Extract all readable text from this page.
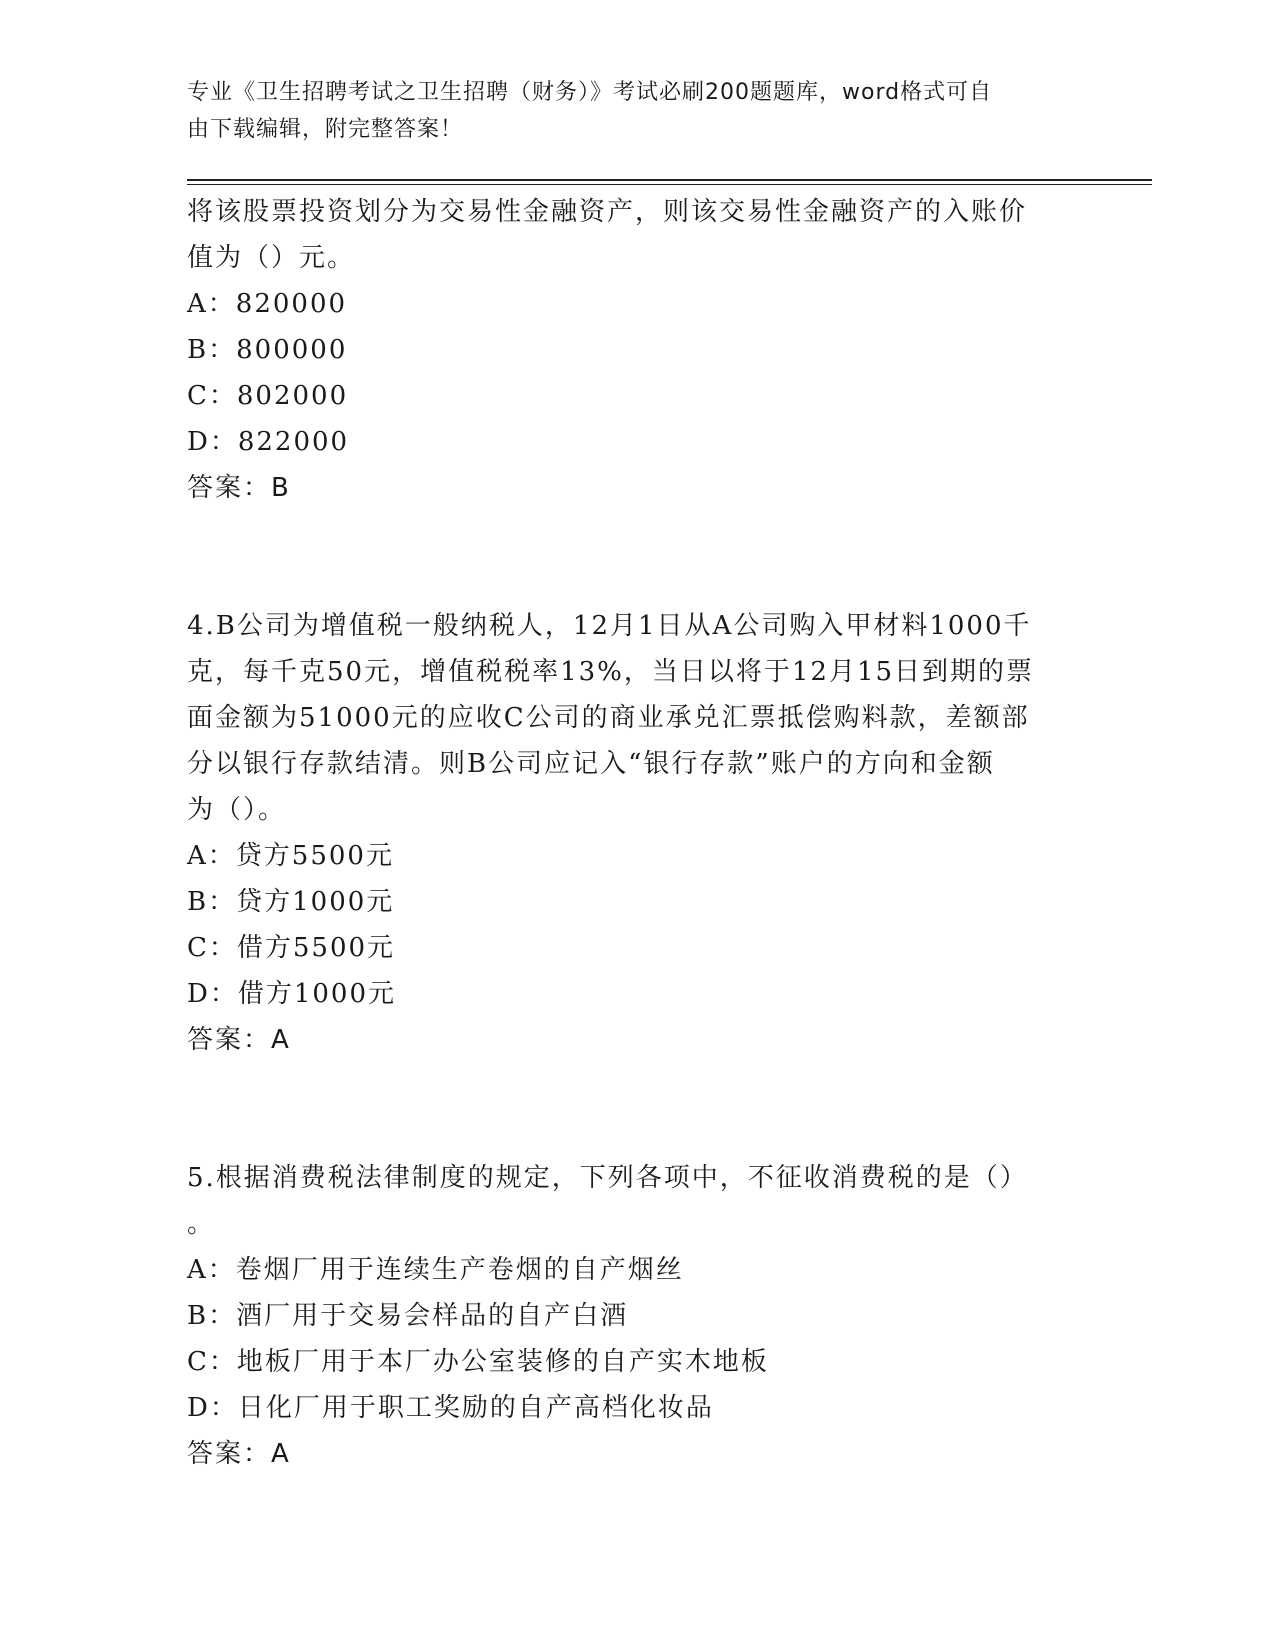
专业《卫生招聘考试之卫生招聘（财务）》考试必刷200题题库，word格式可自
由下载编辑，附完整答案！

将该股票投资划分为交易性金融资产，则该交易性金融资产的入账价

值为（）元。

A：820000

B：800000

C：802000

D：822000

答案：B

4.B公司为增值税一般纳税人，12月1日从A公司购入甲材料1000千

克，每千克50元，增值税税率13%，当日以将于12月15日到期的票

面金额为51000元的应收C公司的商业承兑汇票抵偿购料款，差额部

分以银行存款结清。则B公司应记入“银行存款”账户的方向和金额

为（）。

A：贷方5500元

B：贷方1000元

C：借方5500元

D：借方1000元

答案：A

5.根据消费税法律制度的规定，下列各项中，不征收消费税的是（）

。

A：卷烟厂用于连续生产卷烟的自产烟丝

B：酒厂用于交易会样品的自产白酒

C：地板厂用于本厂办公室装修的自产实木地板

D：日化厂用于职工奖励的自产高档化妆品

答案：A
